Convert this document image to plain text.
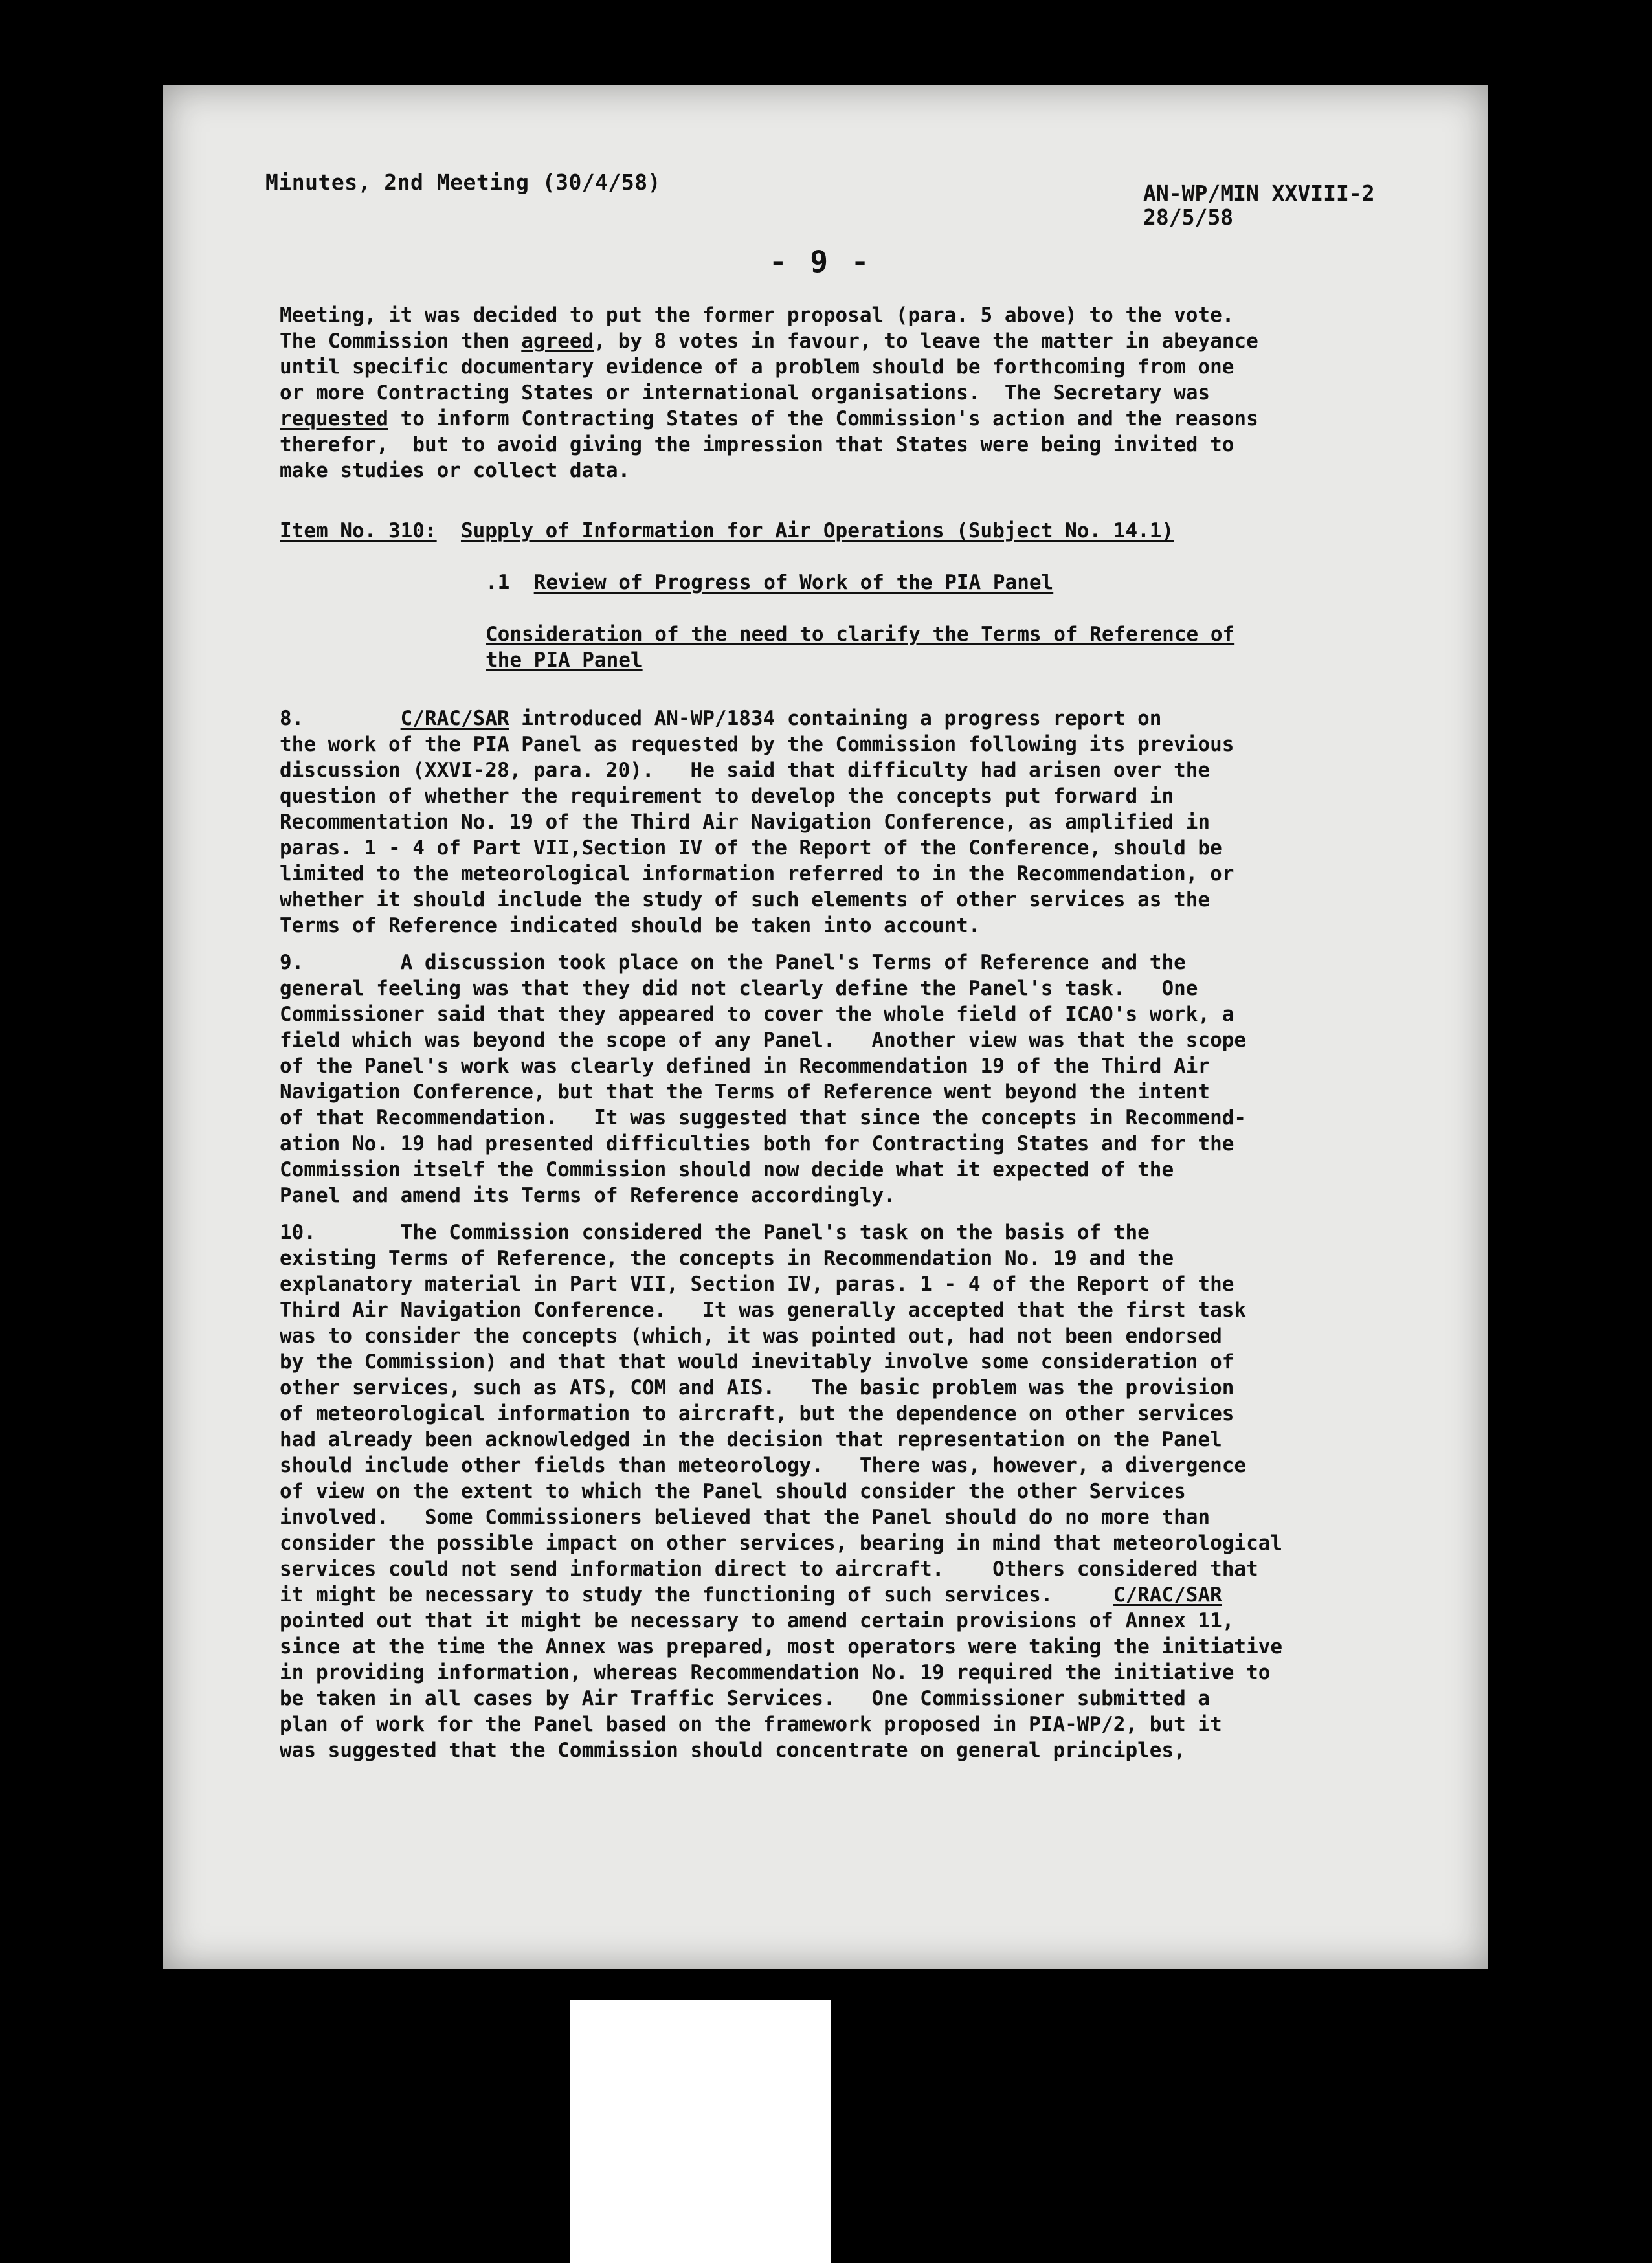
Minutes, 2nd Meeting (30/4/58)	AN-WP/MIN XXVIII-2
28/5/58
- 9 -
Meeting, it was decided to put the former proposal (para. 5 above) to the vote.
The Commission then agreed, by 8 votes in favour, to leave the matter in abeyance
until specific documentary evidence of a problem should be forthcoming from one
or more Contracting States or international organisations.  The Secretary was
requested to inform Contracting States of the Commission's action and the reasons
therefor,  but to avoid giving the impression that States were being invited to
make studies or collect data.
Item No. 310: Supply of Information for Air Operations (Subject No. 14.1)
.1 Review of Progress of Work of the PIA Panel
Consideration of the need to clarify the Terms of Reference of
the PIA Panel
8.	C/RAC/SAR introduced AN-WP/1834 containing a progress report on
the work of the PIA Panel as requested by the Commission following its previous
discussion (XXVI-28, para. 20).   He said that difficulty had arisen over the
question of whether the requirement to develop the concepts put forward in
Recommentation No. 19 of the Third Air Navigation Conference, as amplified in
paras. 1 - 4 of Part VII,Section IV of the Report of the Conference, should be
limited to the meteorological information referred to in the Recommendation, or
whether it should include the study of such elements of other services as the
Terms of Reference indicated should be taken into account.
9.	A discussion took place on the Panel's Terms of Reference and the
general feeling was that they did not clearly define the Panel's task.   One
Commissioner said that they appeared to cover the whole field of ICAO's work, a
field which was beyond the scope of any Panel.   Another view was that the scope
of the Panel's work was clearly defined in Recommendation 19 of the Third Air
Navigation Conference, but that the Terms of Reference went beyond the intent
of that Recommendation.   It was suggested that since the concepts in Recommend-
ation No. 19 had presented difficulties both for Contracting States and for the
Commission itself the Commission should now decide what it expected of the
Panel and amend its Terms of Reference accordingly.
10.	The Commission considered the Panel's task on the basis of the
existing Terms of Reference, the concepts in Recommendation No. 19 and the
explanatory material in Part VII, Section IV, paras. 1 - 4 of the Report of the
Third Air Navigation Conference.   It was generally accepted that the first task
was to consider the concepts (which, it was pointed out, had not been endorsed
by the Commission) and that that would inevitably involve some consideration of
other services, such as ATS, COM and AIS.   The basic problem was the provision
of meteorological information to aircraft, but the dependence on other services
had already been acknowledged in the decision that representation on the Panel
should include other fields than meteorology.   There was, however, a divergence
of view on the extent to which the Panel should consider the other Services
involved.   Some Commissioners believed that the Panel should do no more than
consider the possible impact on other services, bearing in mind that meteorological
services could not send information direct to aircraft.    Others considered that
it might be necessary to study the functioning of such services.     C/RAC/SAR
pointed out that it might be necessary to amend certain provisions of Annex 11,
since at the time the Annex was prepared, most operators were taking the initiative
in providing information, whereas Recommendation No. 19 required the initiative to
be taken in all cases by Air Traffic Services.   One Commissioner submitted a
plan of work for the Panel based on the framework proposed in PIA-WP/2, but it
was suggested that the Commission should concentrate on general principles,
